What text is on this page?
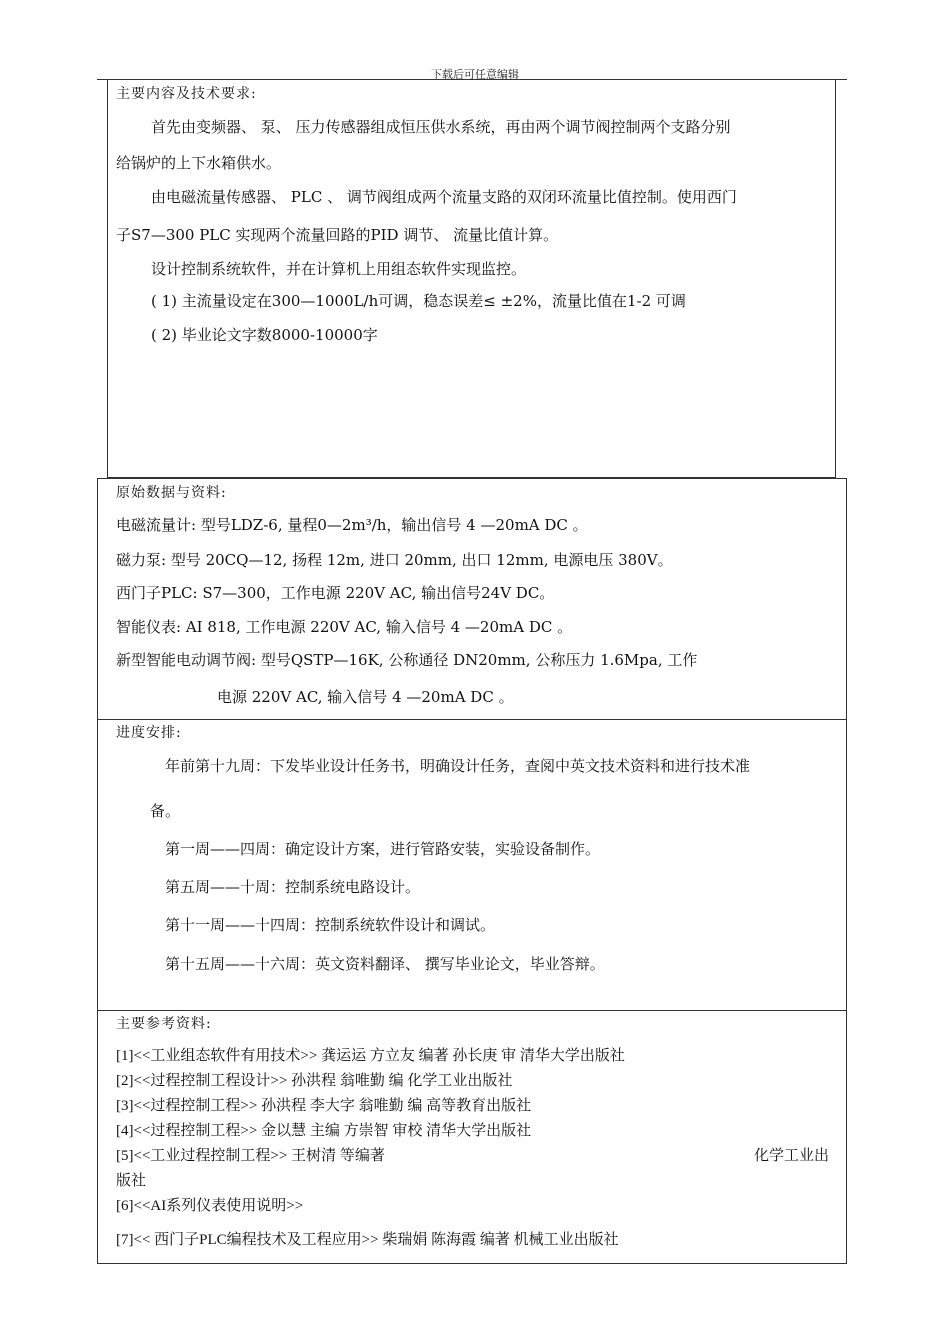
下载后可任意编辑
主要内容及技术要求:
首先由变频器、 泵、 压力传感器组成恒压供水系统，再由两个调节阀控制两个支路分别
给锅炉的上下水箱供水。
由电磁流量传感器、 PLC 、 调节阀组成两个流量支路的双闭环流量比值控制。使用西门
子S7—300 PLC 实现两个流量回路的PID 调节、 流量比值计算。
设计控制系统软件，并在计算机上用组态软件实现监控。
( 1) 主流量设定在300—1000L/h可调，稳态误差≤ ±2%，流量比值在1-2 可调
( 2) 毕业论文字数8000-10000字
原始数据与资料:
电磁流量计: 型号LDZ-6, 量程0—2m³/h，输出信号 4 —20mA DC 。
磁力泵: 型号 20CQ—12, 扬程 12m, 进口 20mm, 出口 12mm, 电源电压 380V。
西门子PLC: S7—300，工作电源 220V AC, 输出信号24V DC。
智能仪表: AI 818, 工作电源 220V AC, 输入信号 4 —20mA DC 。
新型智能电动调节阀: 型号QSTP—16K, 公称通径 DN20mm, 公称压力 1.6Mpa, 工作
电源 220V AC, 输入信号 4 —20mA DC 。
进度安排:
年前第十九周：下发毕业设计任务书，明确设计任务，查阅中英文技术资料和进行技术准
备。
第一周——四周：确定设计方案，进行管路安装，实验设备制作。
第五周——十周：控制系统电路设计。
第十一周——十四周：控制系统软件设计和调试。
第十五周——十六周：英文资料翻译、 撰写毕业论文，毕业答辩。
主要参考资料:
[1]<<工业组态软件有用技术>> 龚运运 方立友 编著 孙长庚 审 清华大学出版社
[2]<<过程控制工程设计>> 孙洪程 翁唯勤 编 化学工业出版社
[3]<<过程控制工程>> 孙洪程 李大字 翁唯勤 编 高等教育出版社
[4]<<过程控制工程>> 金以慧 主编 方崇智 审校 清华大学出版社
[5]<<工业过程控制工程>> 王树清 等编著	化学工业出
版社
[6]<<AI系列仪表使用说明>>
[7]<< 西门子PLC编程技术及工程应用>> 柴瑞娟 陈海霞 编著 机械工业出版社
